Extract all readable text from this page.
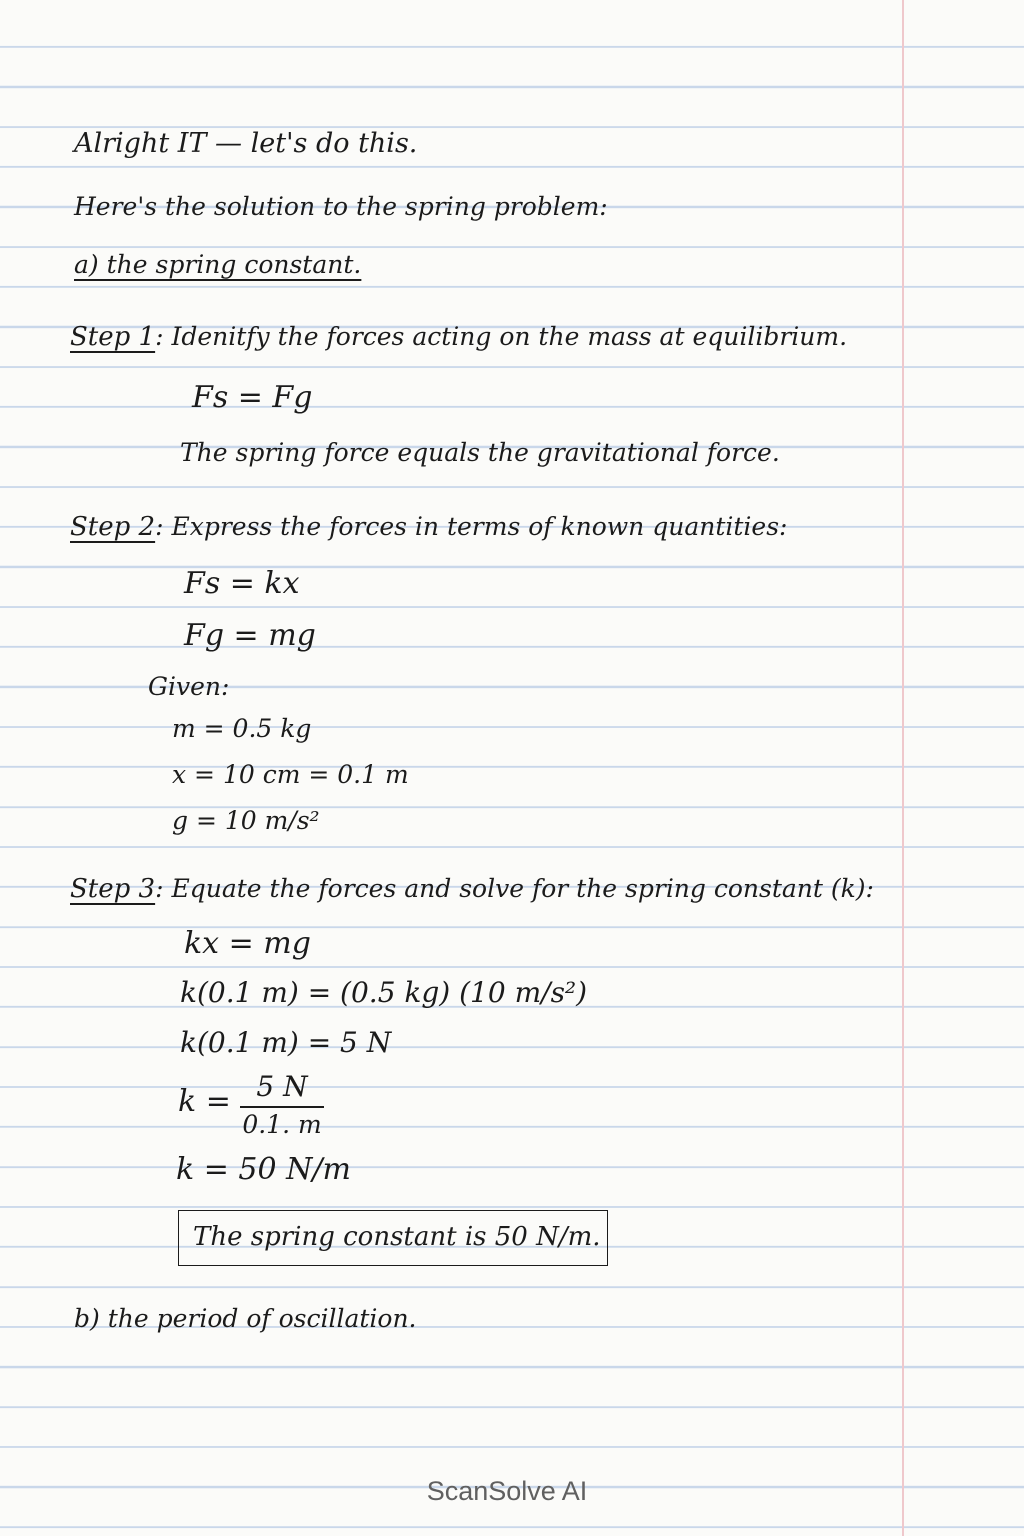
Alright IT — let's do this.
Here's the solution to the spring problem:
a) the spring constant.
Step 1: Idenitfy the forces acting on the mass at equilibrium.
Fs = Fg
The spring force equals the gravitational force.
Step 2: Express the forces in terms of known quantities:
Fs = kx
Fg = mg
Given:
m = 0.5 kg
x = 10 cm = 0.1 m
g = 10 m/s²
Step 3: Equate the forces and solve for the spring constant (k):
kx = mg
k(0.1 m) = (0.5 kg) (10 m/s²)
k(0.1 m) = 5 N
k = 5 N
0.1. m
k = 50 N/m
The spring constant is 50 N/m.
b) the period of oscillation.
ScanSolve AI
